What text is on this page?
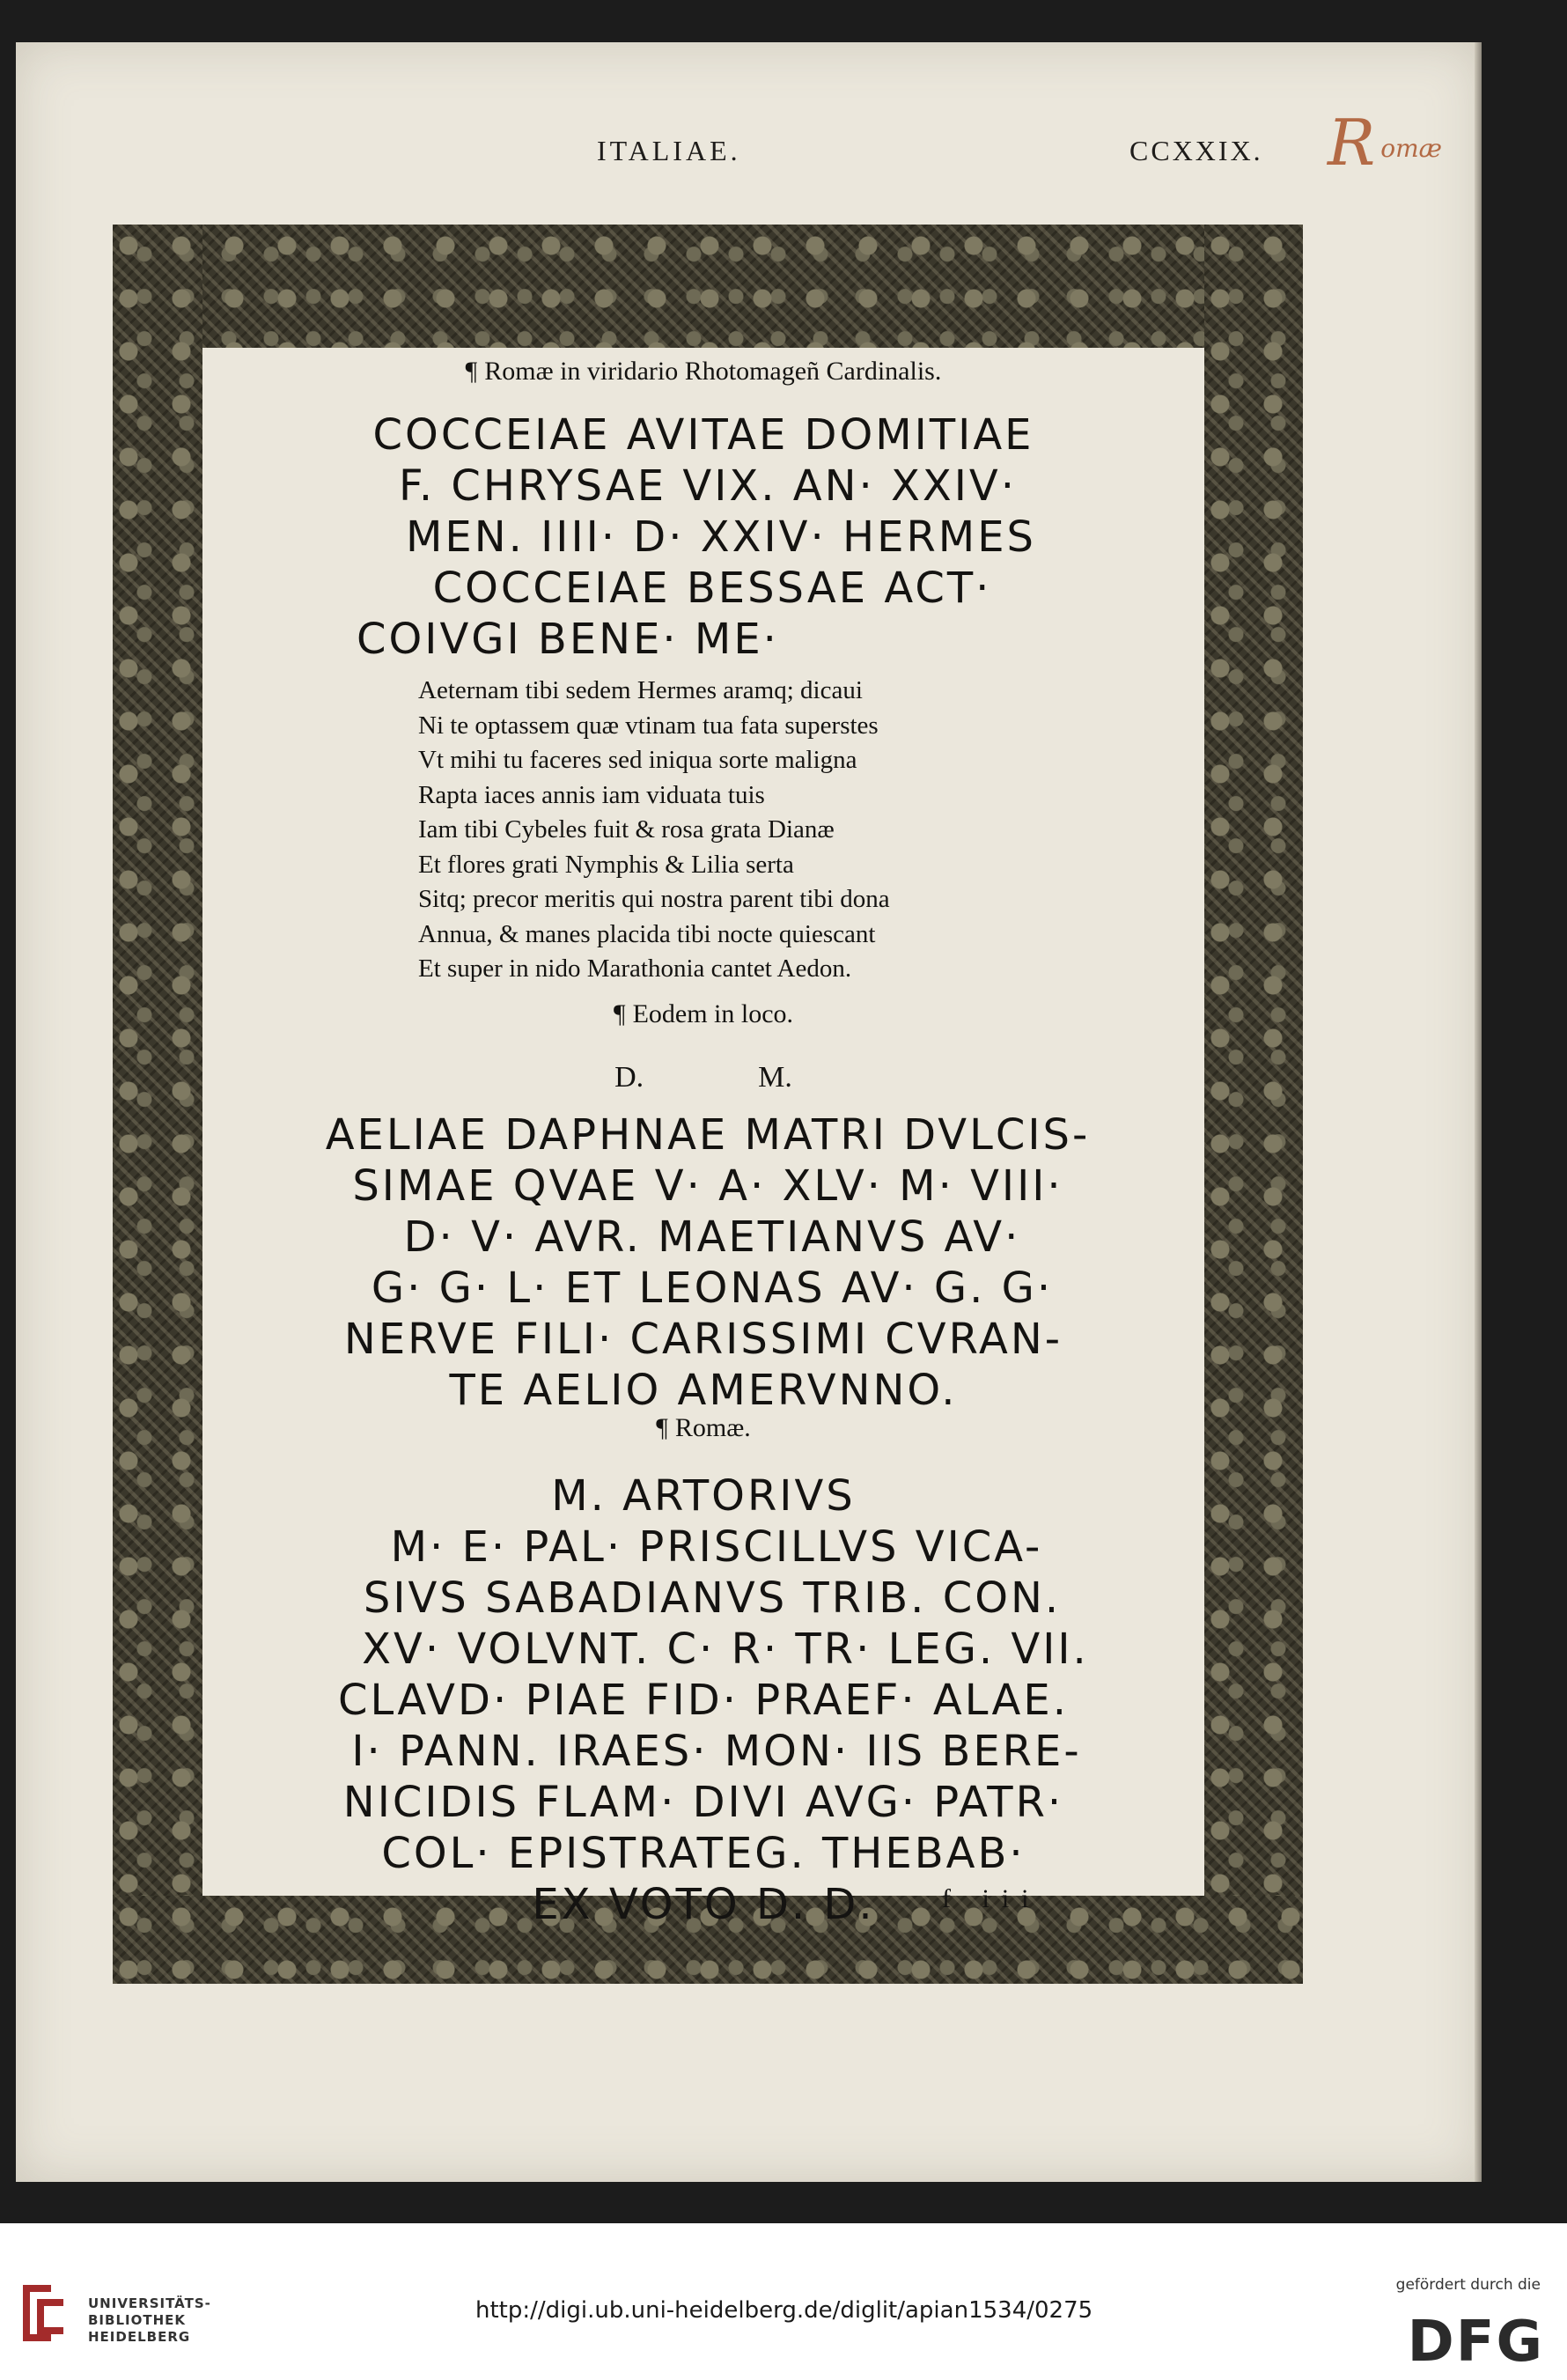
ITALIAE.	CCXXIX. Romæ
¶ Romæ in viridario Rhotomageñ Cardinalis.
COCCEIAE AVITAE DOMITIAE
F. CHRYSAE VIX. AN· XXIV·
MEN. IIII· D· XXIV· HERMES
COCCEIAE BESSAE ACT·
COIVGI BENE· ME·
Aeternam tibi sedem Hermes aramq; dicaui
Ni te optassem quæ vtinam tua fata superstes
Vt mihi tu faceres sed iniqua sorte maligna
Rapta iaces annis iam viduata tuis
Iam tibi Cybeles fuit & rosa grata Dianæ
Et flores grati Nymphis & Lilia serta
Sitq; precor meritis qui nostra parent tibi dona
Annua, & manes placida tibi nocte quiescant
Et super in nido Marathonia cantet Aedon.
¶ Eodem in loco.
D.	M.
AELIAE DAPHNAE MATRI DVLCIS-
SIMAE QVAE V· A· XLV· M· VIII·
D· V· AVR. MAETIANVS AV·
G· G· L· ET LEONAS AV· G. G·
NERVE FILI· CARISSIMI CVRAN-
TE AELIO AMERVNNO.
¶ Romæ.
M. ARTORIVS
M· E· PAL· PRISCILLVS VICA-
SIVS SABADIANVS TRIB. CON.
XV· VOLVNT. C· R· TR· LEG. VII.
CLAVD· PIAE FID· PRAEF· ALAE.
I· PANN. IRAES· MON· IIS BERE-
NICIDIS FLAM· DIVI AVG· PATR·
COL· EPISTRATEG. THEBAB·
EX VOTO D. D.	f iii
UNIVERSITÄTS-
BIBLIOTHEK
HEIDELBERG
gefördert durch die
DFG
http://digi.ub.uni-heidelberg.de/diglit/apian1534/0275
